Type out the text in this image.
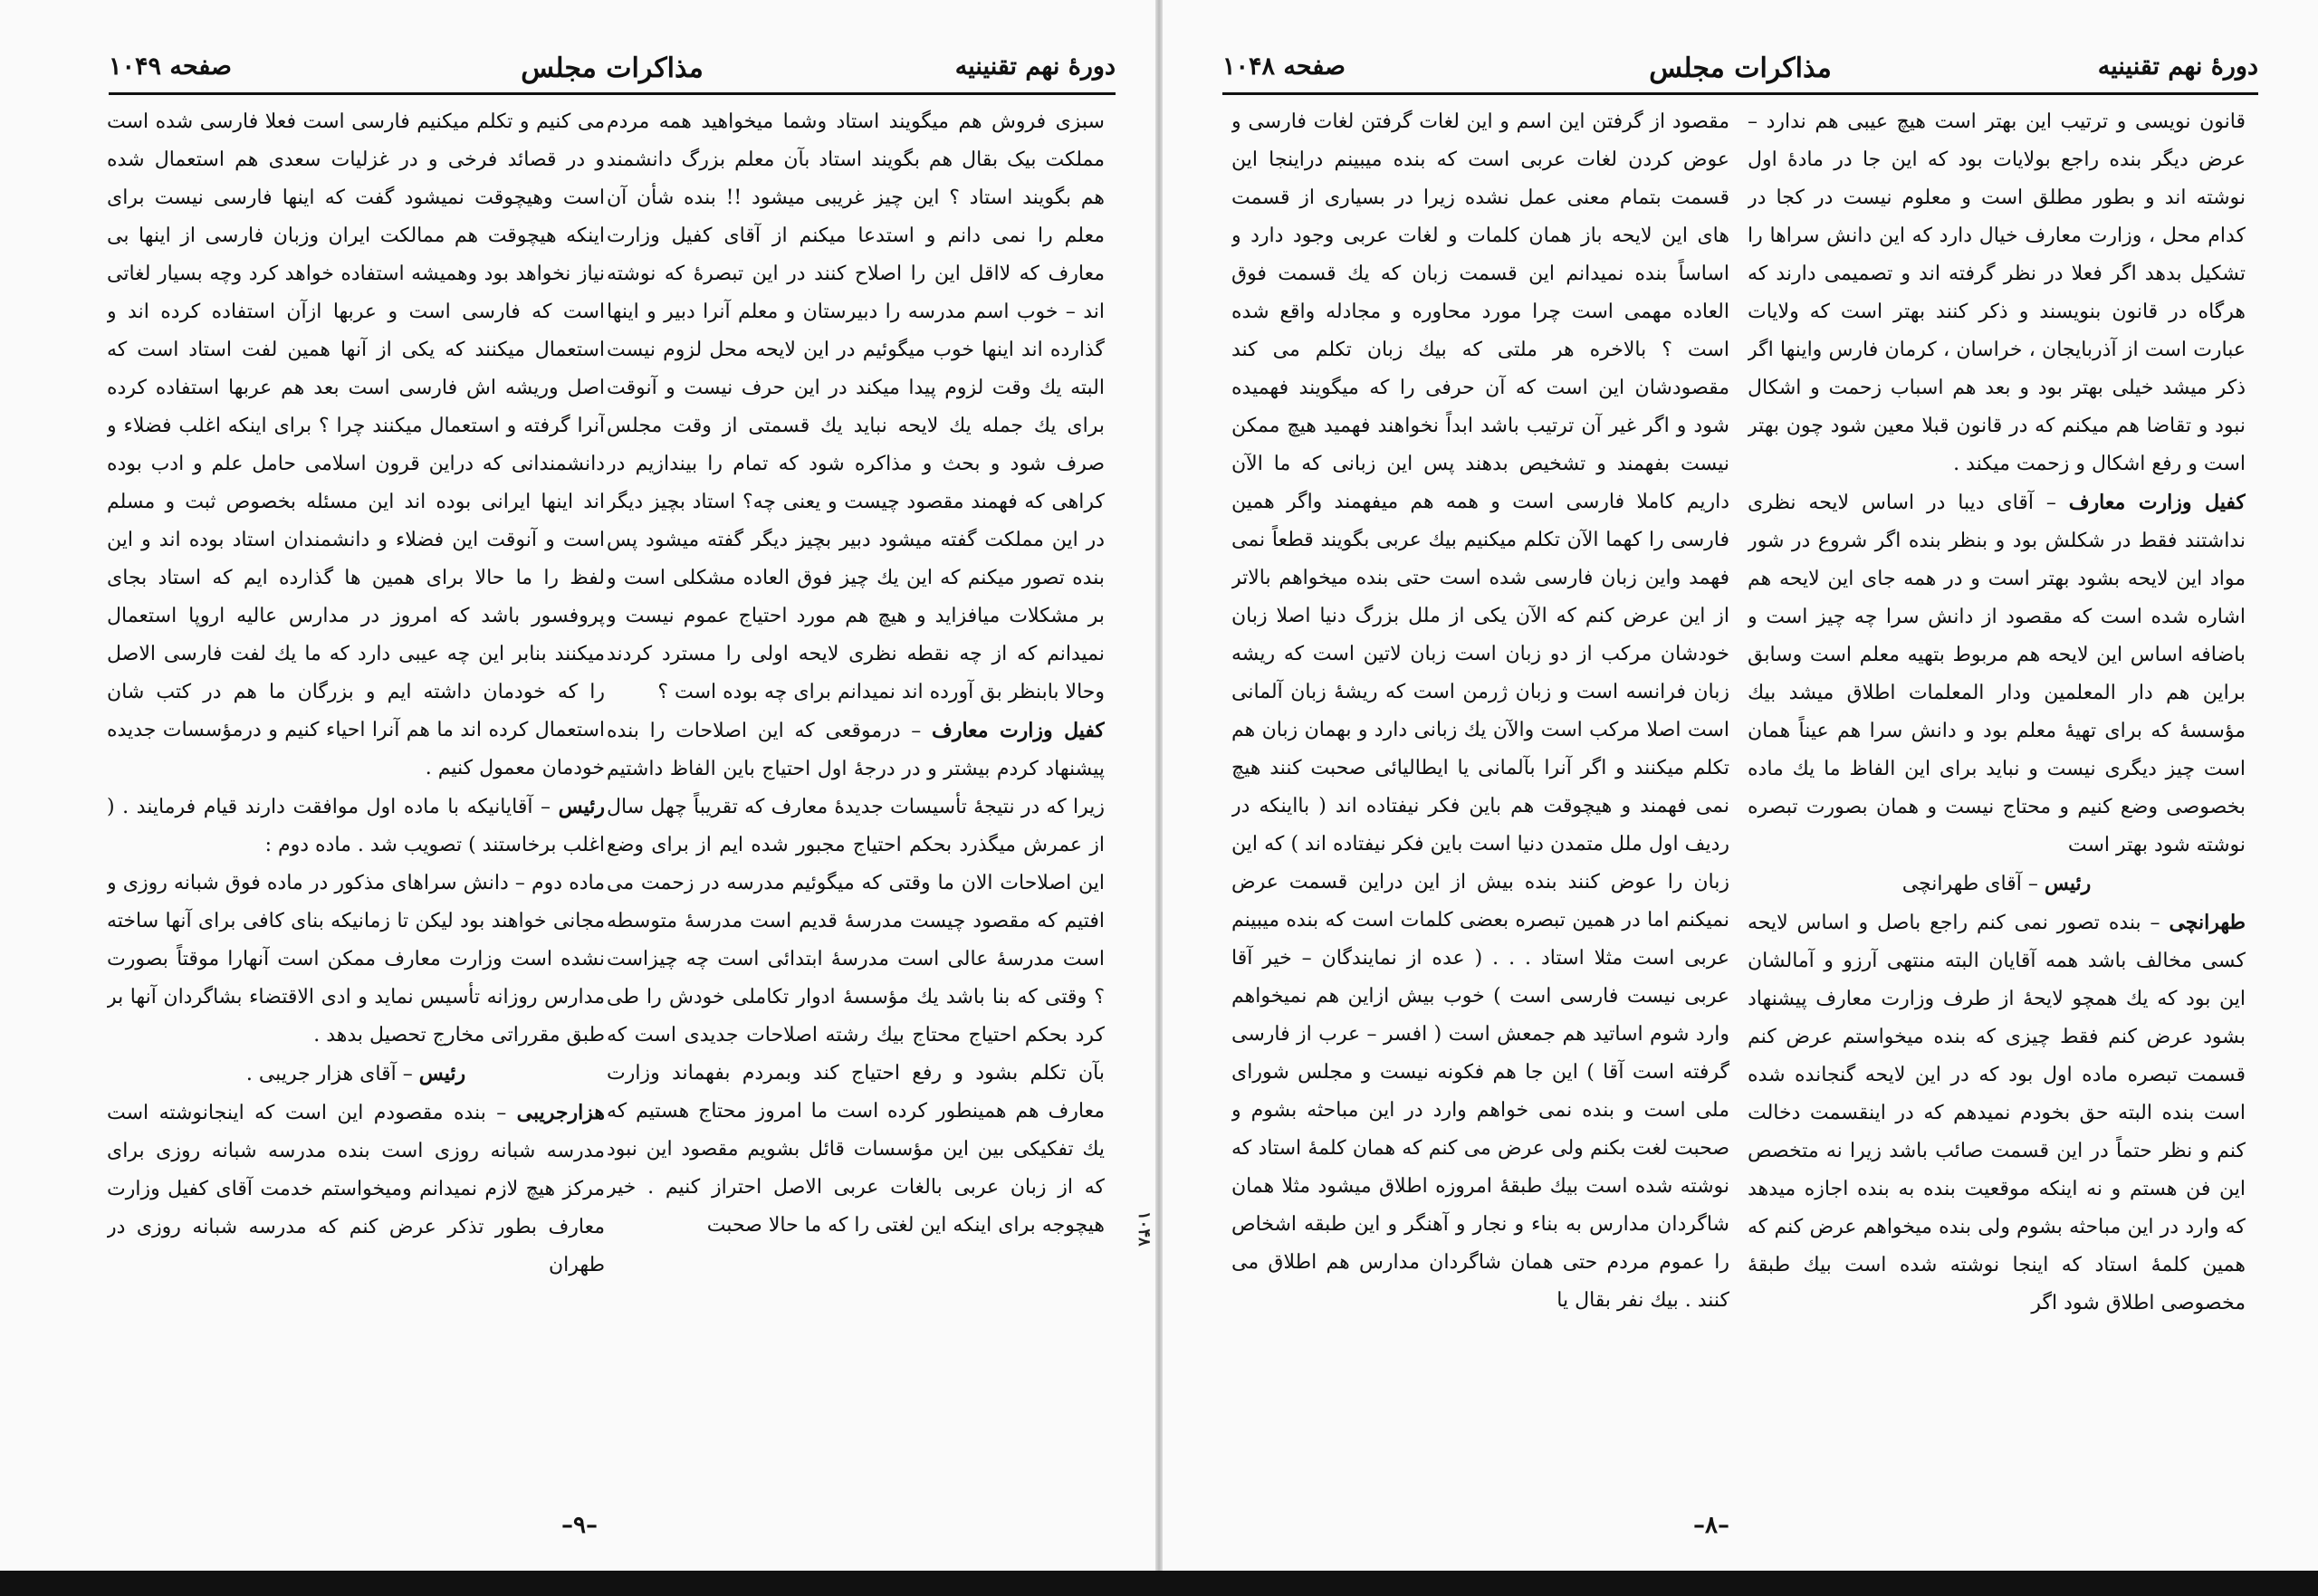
دورهٔ نهم تقنینیه
مذاکرات مجلس
صفحه ۱۰۴۹

سبزی فروش هم میگویند استاد وشما میخواهید همه مردم مملکت بیک بقال هم بگویند استاد بآن معلم بزرگ دانشمند هم بگویند استاد ؟ این چیز غریبی میشود !! بنده شأن آن معلم را نمی دانم و استدعا میکنم از آقای کفیل وزارت معارف که لااقل این را اصلاح کنند در این تبصرهٔ که نوشته اند – خوب اسم مدرسه را دبیرستان و معلم آنرا دبیر و اینها گذارده اند اینها خوب میگوئیم در این لایحه محل لزوم نیست البته یك وقت لزوم پیدا میکند در این حرف نیست و آنوقت برای یك جمله یك لایحه نباید یك قسمتی از وقت مجلس صرف شود و بحث و مذاکره شود که تمام را بیندازیم در کراهی که فهمند مقصود چیست و یعنی چه؟ استاد بچیز دیگر در این مملکت گفته میشود دبیر بچیز دیگر گفته میشود پس بنده تصور میکنم که این یك چیز فوق العاده مشکلی است و بر مشکلات میافزاید و هیچ هم مورد احتیاج عموم نیست و نمیدانم که از چه نقطه نظری لایحه اولی را مسترد کردند وحالا بابنظر بق آورده اند نمیدانم برای چه بوده است ؟

کفیل وزارت معارف – درموقعی که این اصلاحات را بنده پیشنهاد کردم بیشتر و در درجهٔ اول احتیاج باین الفاظ داشتیم زیرا که در نتیجهٔ تأسیسات جدیدهٔ معارف که تقریباً چهل سال از عمرش میگذرد بحکم احتیاج مجبور شده ایم از برای وضع این اصلاحات الان ما وقتی که میگوئیم مدرسه در زحمت می افتیم که مقصود چیست مدرسهٔ قدیم است مدرسهٔ متوسطه است مدرسهٔ عالی است مدرسهٔ ابتدائی است چه چیزاست ؟ وقتی که بنا باشد یك مؤسسهٔ ادوار تکاملی خودش را طی کرد بحکم احتیاج محتاج بیك رشته اصلاحات جدیدی است که بآن تکلم بشود و رفع احتیاج کند وبمردم بفهماند وزارت معارف هم همینطور کرده است ما امروز محتاج هستیم که یك تفکیکی بین این مؤسسات قائل بشویم مقصود این نبود که از زبان عربی بالغات عربی الاصل احتراز کنیم . خیر هیچوجه برای اینکه این لغتی را که ما حالا صحبت

می کنیم و تکلم میکنیم فارسی است فعلا فارسی شده است و در قصائد فرخی و در غزلیات سعدی هم استعمال شده است وهیچوقت نمیشود گفت که اینها فارسی نیست برای اینکه هیچوقت هم ممالکت ایران وزبان فارسی از اینها بی نیاز نخواهد بود وهمیشه استفاده خواهد کرد وچه بسیار لغاتی است که فارسی است و عربها ازآن استفاده کرده اند و استعمال میکنند که یکی از آنها همین لفت استاد است که اصل وریشه اش فارسی است بعد هم عربها استفاده کرده آنرا گرفته و استعمال میکنند چرا ؟ برای اینکه اغلب فضلاء و دانشمندانی که دراین قرون اسلامی حامل علم و ادب بوده اند اینها ایرانی بوده اند این مسئله بخصوص ثبت و مسلم است و آنوقت این فضلاء و دانشمندان استاد بوده اند و این لفظ را ما حالا برای همین ها گذارده ایم که استاد بجای پروفسور باشد که امروز در مدارس عالیه اروپا استعمال میکنند بنابر این چه عیبی دارد که ما یك لفت فارسی الاصل را که خودمان داشته ایم و بزرگان ما هم در کتب شان استعمال کرده اند ما هم آنرا احیاء کنیم و درمؤسسات جدیده خودمان معمول کنیم .

رئیس – آقایانیکه با ماده اول موافقت دارند قیام فرمایند . ( اغلب برخاستند ) تصویب شد . ماده دوم :

ماده دوم – دانش سراهای مذکور در ماده فوق شبانه روزی و مجانی خواهند بود لیکن تا زمانیکه بنای کافی برای آنها ساخته نشده است وزارت معارف ممکن است آنهارا موقتاً بصورت مدارس روزانه تأسیس نماید و ادی الاقتضاء بشاگردان آنها بر طبق مقرراتی مخارج تحصیل بدهد .

رئیس – آقای هزار جریبی .

هزارجریبی – بنده مقصودم این است که اینجانوشته است مدرسه شبانه روزی است بنده مدرسه شبانه روزی برای مرکز هیچ لازم نمیدانم ومیخواستم خدمت آقای کفیل وزارت معارف بطور تذکر عرض کنم که مدرسه شبانه روزی در طهران

–۹–
۱۰۴۸
دورهٔ نهم تقنینیه
مذاکرات مجلس
صفحه ۱۰۴۸

قانون نویسی و ترتیب این بهتر است هیچ عیبی هم ندارد – عرض دیگر بنده راجع بولایات بود که این جا در مادهٔ اول نوشته اند و بطور مطلق است و معلوم نیست در کجا در کدام محل ، وزارت معارف خیال دارد که این دانش سراها را تشکیل بدهد اگر فعلا در نظر گرفته اند و تصمیمی دارند که هرگاه در قانون بنویسند و ذکر کنند بهتر است که ولایات عبارت است از آذربایجان ، خراسان ، کرمان فارس واینها اگر ذکر میشد خیلی بهتر بود و بعد هم اسباب زحمت و اشکال نبود و تقاضا هم میکنم که در قانون قبلا معین شود چون بهتر است و رفع اشکال و زحمت میکند .

کفیل وزارت معارف – آقای دیبا در اساس لایحه نظری نداشتند فقط در شکلش بود و بنظر بنده اگر شروع در شور مواد این لایحه بشود بهتر است و در همه جای این لایحه هم اشاره شده است که مقصود از دانش سرا چه چیز است و باضافه اساس این لایحه هم مربوط بتهیه معلم است وسابق براین هم دار المعلمین ودار المعلمات اطلاق میشد بیك مؤسسهٔ که برای تهیهٔ معلم بود و دانش سرا هم عیناً همان است چیز دیگری نیست و نباید برای این الفاظ ما یك ماده بخصوصی وضع کنیم و محتاج نیست و همان بصورت تبصره نوشته شود بهتر است

رئیس – آقای طهرانچی

طهرانچی – بنده تصور نمی کنم راجع باصل و اساس لایحه کسی مخالف باشد همه آقایان البته منتهی آرزو و آمالشان این بود که یك همچو لایحهٔ از طرف وزارت معارف پیشنهاد بشود عرض کنم فقط چیزی که بنده میخواستم عرض کنم قسمت تبصره ماده اول بود که در این لایحه گنجانده شده است بنده البته حق بخودم نمیدهم که در اینقسمت دخالت کنم و نظر حتماً در این قسمت صائب باشد زیرا نه متخصص این فن هستم و نه اینکه موقعیت بنده به بنده اجازه میدهد که وارد در این مباحثه بشوم ولی بنده میخواهم عرض کنم که همین کلمهٔ استاد که اینجا نوشته شده است بیك طبقهٔ مخصوصی اطلاق شود اگر

مقصود از گرفتن این اسم و این لغات گرفتن لغات فارسی و عوض کردن لغات عربی است که بنده میبینم دراینجا این قسمت بتمام معنی عمل نشده زیرا در بسیاری از قسمت های این لایحه باز همان کلمات و لغات عربی وجود دارد و اساساً بنده نمیدانم این قسمت زبان که یك قسمت فوق العاده مهمی است چرا مورد محاوره و مجادله واقع شده است ؟ بالاخره هر ملتی که بیك زبان تکلم می کند مقصودشان این است که آن حرفی را که میگویند فهمیده شود و اگر غیر آن ترتیب باشد ابداً نخواهند فهمید هیچ ممکن نیست بفهمند و تشخیص بدهند پس این زبانی که ما الآن داریم کاملا فارسی است و همه هم میفهمند واگر همین فارسی را کهما الآن تکلم میکنیم بیك عربی بگویند قطعاً نمی فهمد واین زبان فارسی شده است حتی بنده میخواهم بالاتر از این عرض کنم که الآن یکی از ملل بزرگ دنیا اصلا زبان خودشان مرکب از دو زبان است زبان لاتین است که ریشه زبان فرانسه است و زبان ژرمن است که ریشهٔ زبان آلمانی است اصلا مرکب است والآن یك زبانی دارد و بهمان زبان هم تکلم میکنند و اگر آنرا بآلمانی یا ایطالیائی صحبت کنند هیچ نمی فهمند و هیچوقت هم باین فکر نیفتاده اند ( بااینکه در ردیف اول ملل متمدن دنیا است باین فکر نیفتاده اند ) که این زبان را عوض کنند بنده بیش از این دراین قسمت عرض نمیکنم اما در همین تبصره بعضی کلمات است که بنده میبینم عربی است مثلا استاد . . . ( عده از نمایندگان – خیر آقا عربی نیست فارسی است ) خوب بیش ازاین هم نمیخواهم وارد شوم اساتید هم جمعش است ( افسر – عرب از فارسی گرفته است آقا ) این جا هم فکونه نیست و مجلس شورای ملی است و بنده نمی خواهم وارد در این مباحثه بشوم و صحبت لغت بکنم ولی عرض می کنم که همان کلمهٔ استاد که نوشته شده است بیك طبقهٔ امروزه اطلاق میشود مثلا همان شاگردان مدارس به بناء و نجار و آهنگر و این طبقه اشخاص را عموم مردم حتی همان شاگردان مدارس هم اطلاق می کنند . بیك نفر بقال یا

–۸–
